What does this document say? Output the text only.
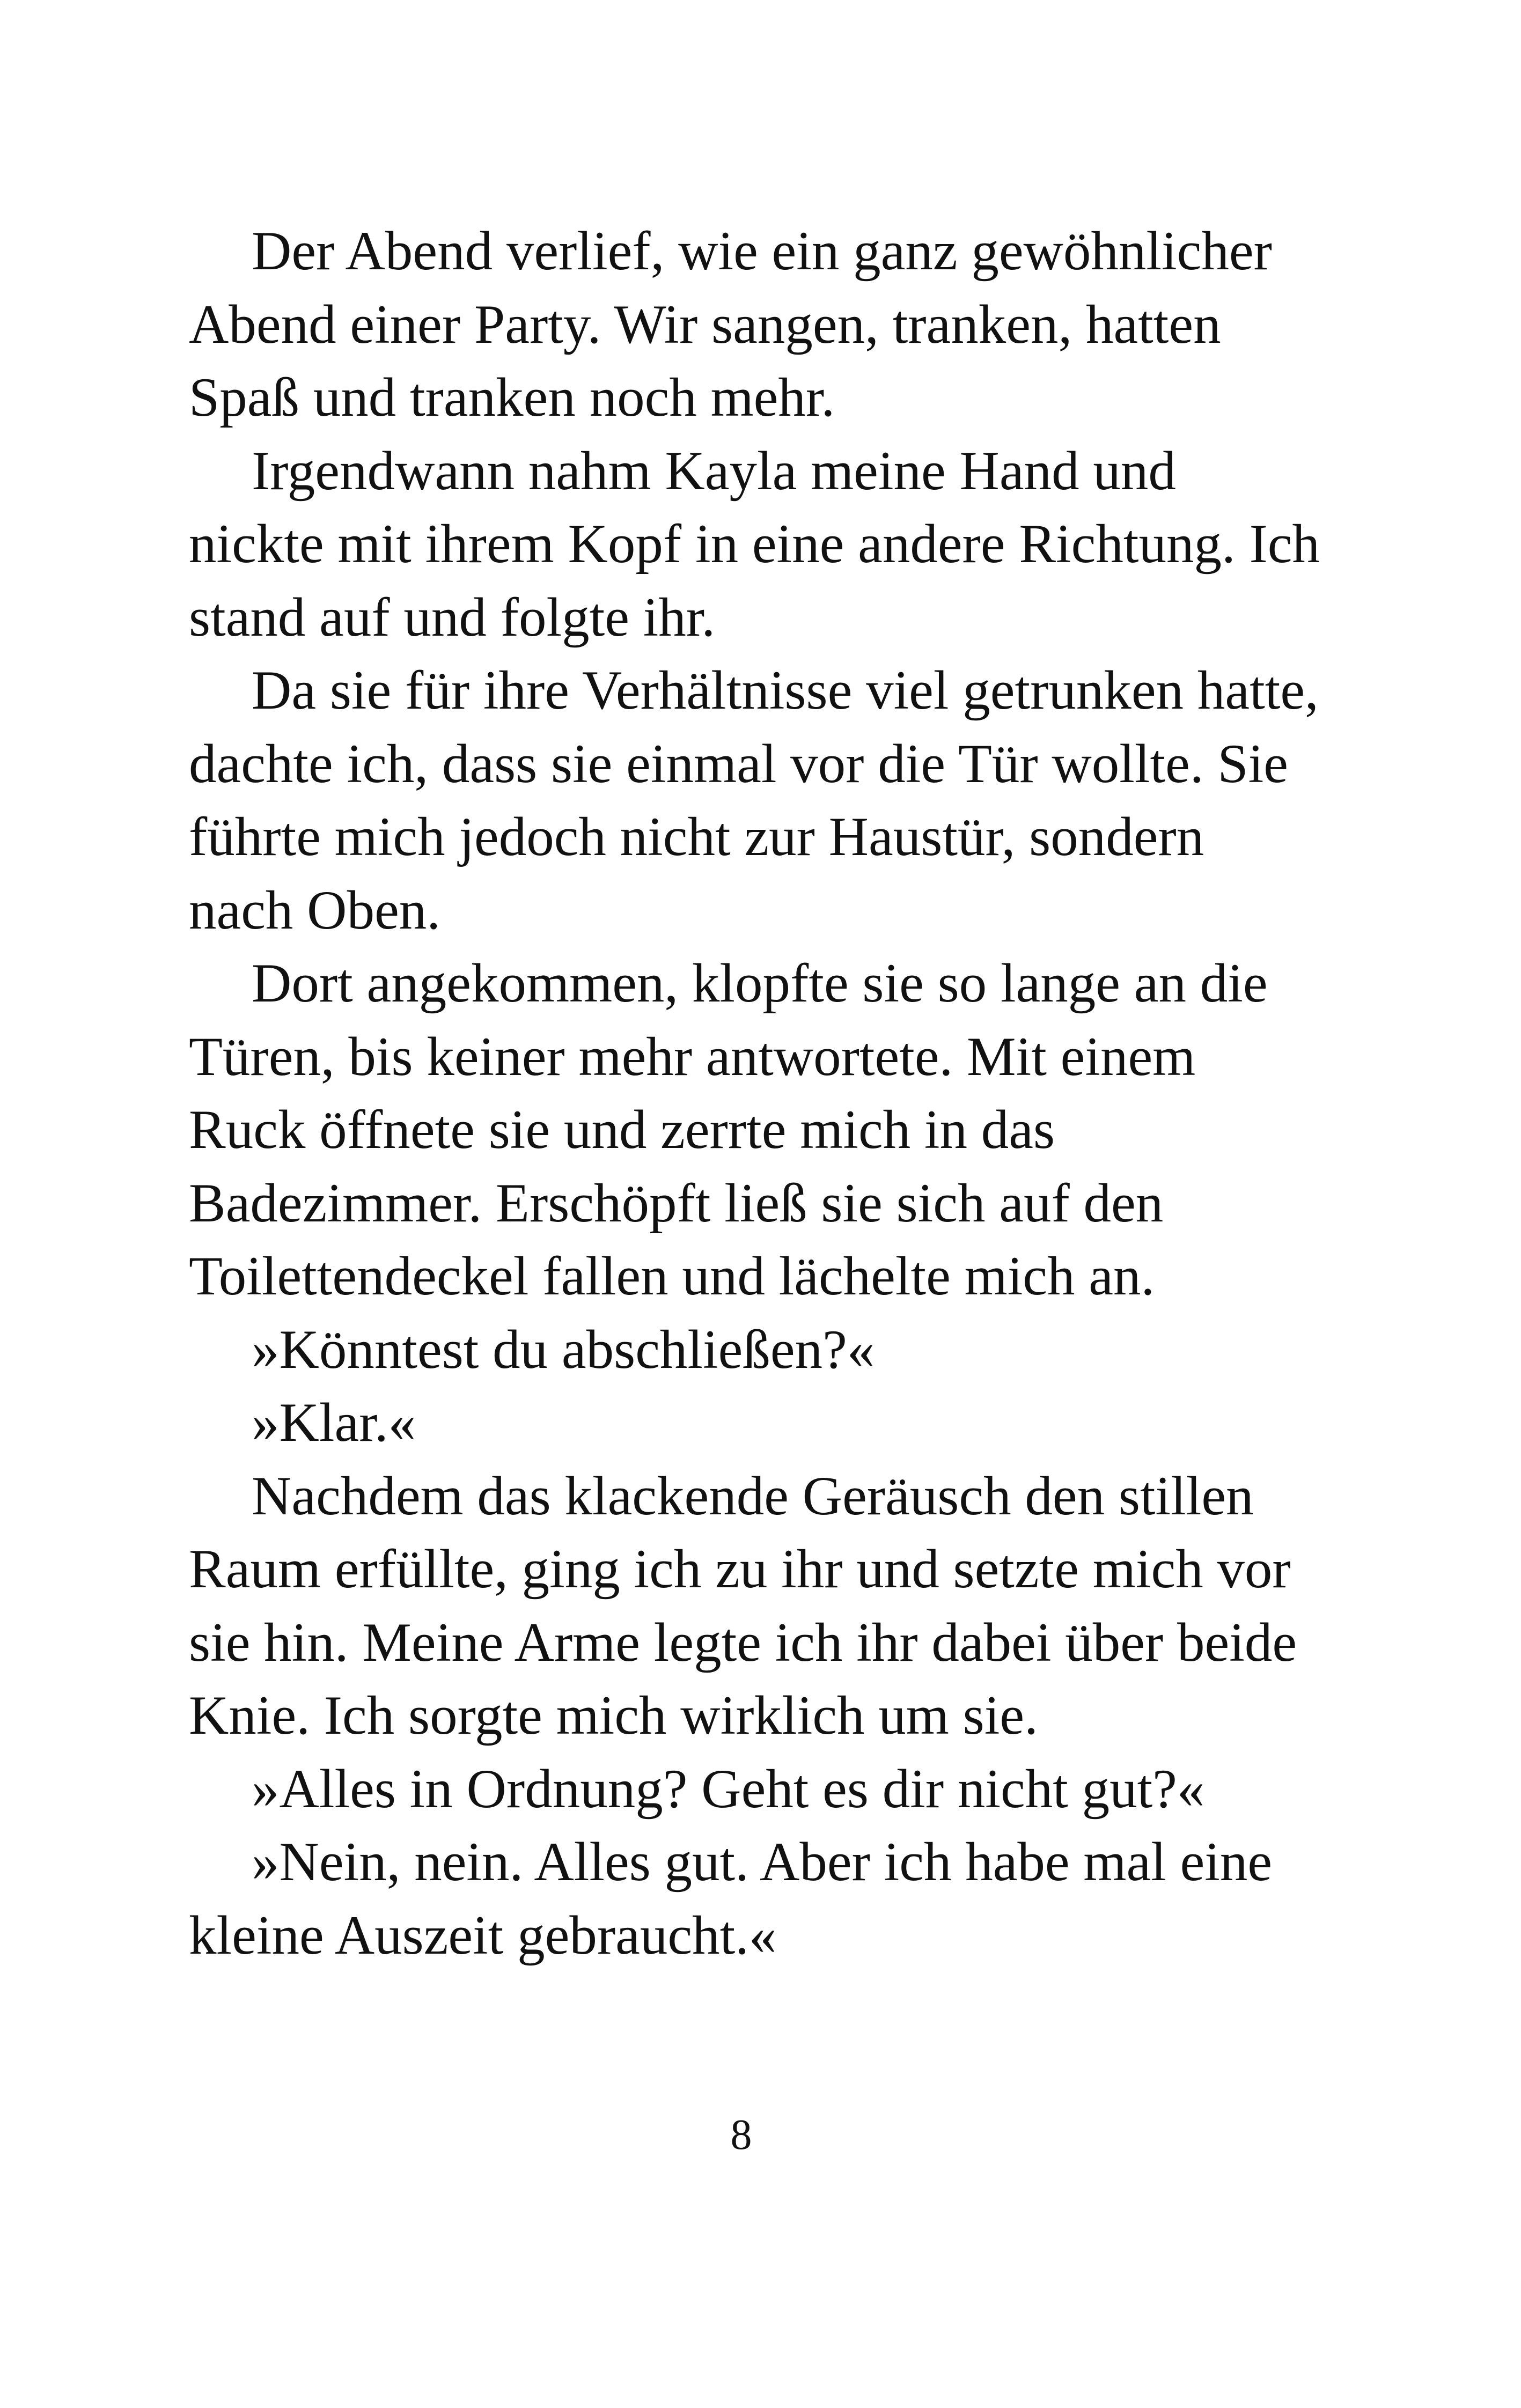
Der Abend verlief, wie ein ganz gewöhnlicher
Abend einer Party. Wir sangen, tranken, hatten
Spaß und tranken noch mehr.
Irgendwann nahm Kayla meine Hand und
nickte mit ihrem Kopf in eine andere Richtung. Ich
stand auf und folgte ihr.
Da sie für ihre Verhältnisse viel getrunken hatte,
dachte ich, dass sie einmal vor die Tür wollte. Sie
führte mich jedoch nicht zur Haustür, sondern
nach Oben.
Dort angekommen, klopfte sie so lange an die
Türen, bis keiner mehr antwortete. Mit einem
Ruck öffnete sie und zerrte mich in das
Badezimmer. Erschöpft ließ sie sich auf den
Toilettendeckel fallen und lächelte mich an.
»Könntest du abschließen?«
»Klar.«
Nachdem das klackende Geräusch den stillen
Raum erfüllte, ging ich zu ihr und setzte mich vor
sie hin. Meine Arme legte ich ihr dabei über beide
Knie. Ich sorgte mich wirklich um sie.
»Alles in Ordnung? Geht es dir nicht gut?«
»Nein, nein. Alles gut. Aber ich habe mal eine
kleine Auszeit gebraucht.«
8
